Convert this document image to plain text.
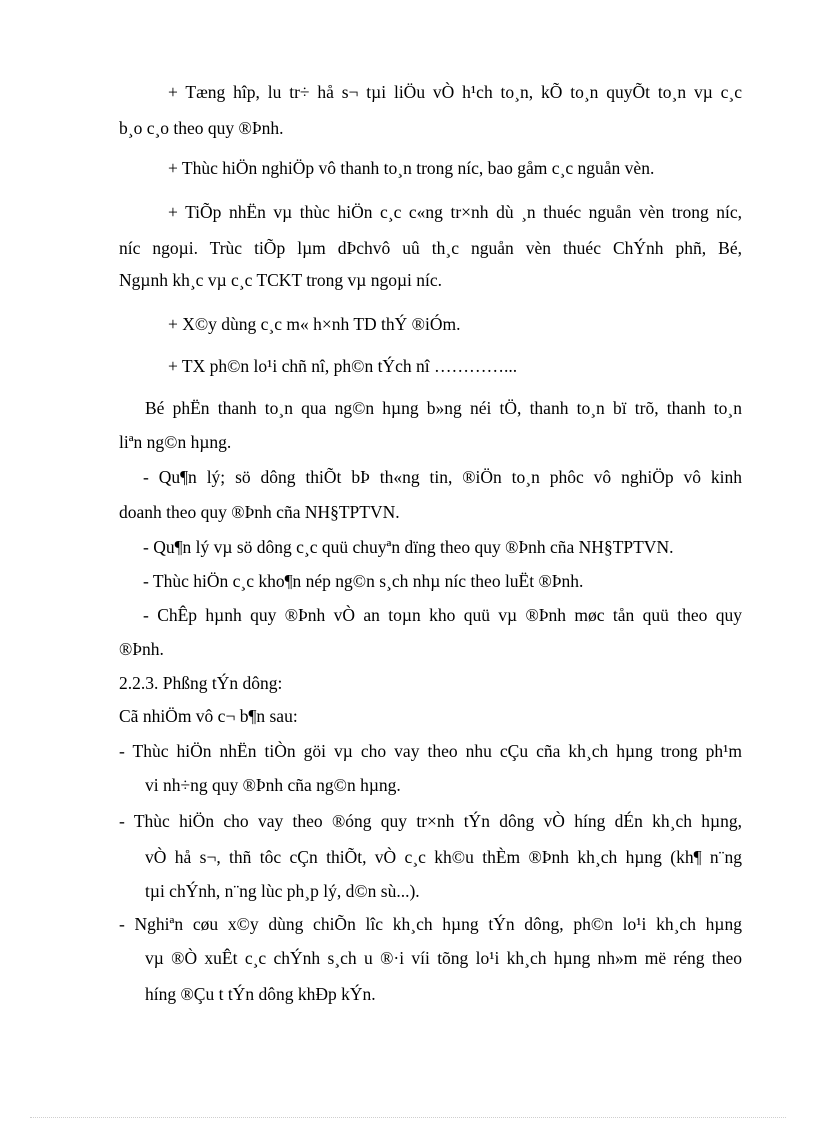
+ Tæng hîp, lu tr÷ hå s¬ tµi liÖu vÒ h¹ch to¸n, kÕ to¸n quyÕt to¸n vµ c¸c
b¸o c¸o theo quy ®Þnh.
+ Thùc hiÖn nghiÖp vô thanh to¸n trong níc, bao gåm c¸c nguån vèn.
+ TiÕp nhËn vµ thùc hiÖn c¸c c«ng tr×nh dù ¸n thuéc nguån vèn trong níc,
níc ngoµi. Trùc tiÕp lµm dÞchvô uû th¸c nguån vèn thuéc ChÝnh phñ, Bé,
Ngµnh kh¸c vµ c¸c TCKT trong vµ ngoµi níc.
+ X©y dùng c¸c m« h×nh TD thÝ ®iÓm.
+ TX ph©n lo¹i chñ nî, ph©n tÝch nî …………...
Bé phËn thanh to¸n qua ng©n hµng b»ng néi tÖ, thanh to¸n bï trõ, thanh to¸n
liªn ng©n hµng.
- Qu¶n lý; sö dông thiÕt bÞ th«ng tin, ®iÖn to¸n phôc vô nghiÖp vô kinh
doanh theo quy ®Þnh cña NH§TPTVN.
- Qu¶n lý vµ sö dông c¸c quü chuyªn dïng theo quy ®Þnh cña NH§TPTVN.
- Thùc hiÖn c¸c kho¶n nép ng©n s¸ch nhµ níc theo luËt ®Þnh.
- ChÊp hµnh quy ®Þnh vÒ an toµn kho quü vµ ®Þnh møc tån quü theo quy
®Þnh.
2.2.3. Phßng tÝn dông:
Cã nhiÖm vô c¬ b¶n sau:
- Thùc hiÖn nhËn tiÒn göi vµ cho vay theo nhu cÇu cña kh¸ch hµng trong ph¹m
vi nh÷ng quy ®Þnh cña ng©n hµng.
- Thùc hiÖn cho vay theo ®óng quy tr×nh tÝn dông vÒ híng dÉn kh¸ch hµng,
vÒ hå s¬, thñ tôc cÇn thiÕt, vÒ c¸c kh©u thÈm ®Þnh kh¸ch hµng (kh¶ n¨ng
tµi chÝnh, n¨ng lùc ph¸p lý, d©n sù...).
- Nghiªn cøu x©y dùng chiÕn lîc kh¸ch hµng tÝn dông, ph©n lo¹i kh¸ch hµng
vµ ®Ò xuÊt c¸c chÝnh s¸ch u ®·i víi tõng lo¹i kh¸ch hµng nh»m më réng theo
híng ®Çu t tÝn dông khÐp kÝn.
